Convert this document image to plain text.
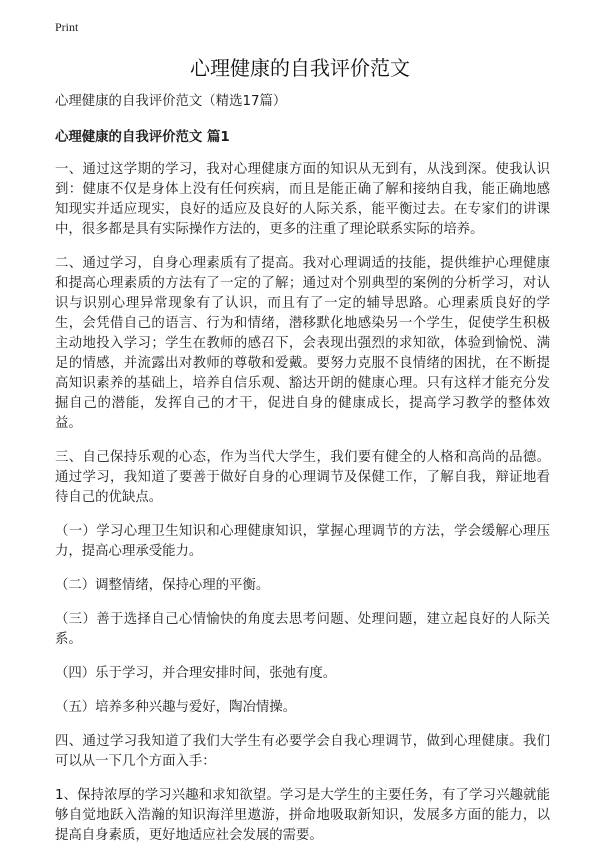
Print
心理健康的自我评价范文

心理健康的自我评价范文（精选17篇）

心理健康的自我评价范文 篇1

一、通过这学期的学习，我对心理健康方面的知识从无到有，从浅到深。使我认识到：健康不仅是身体上没有任何疾病，而且是能正确了解和接纳自我，能正确地感知现实并适应现实，良好的适应及良好的人际关系，能平衡过去。在专家们的讲课中，很多都是具有实际操作方法的，更多的注重了理论联系实际的培养。

二、通过学习，自身心理素质有了提高。我对心理调适的技能，提供维护心理健康和提高心理素质的方法有了一定的了解；通过对个别典型的案例的分析学习，对认识与识别心理异常现象有了认识，而且有了一定的辅导思路。心理素质良好的学生，会凭借自己的语言、行为和情绪，潜移默化地感染另一个学生，促使学生积极主动地投入学习；学生在教师的感召下，会表现出强烈的求知欲，体验到愉悦、满足的情感，并流露出对教师的尊敬和爱戴。要努力克服不良情绪的困扰，在不断提高知识素养的基础上，培养自信乐观、豁达开朗的健康心理。只有这样才能充分发掘自己的潜能，发挥自己的才干，促进自身的健康成长，提高学习教学的整体效益。

三、自己保持乐观的心态，作为当代大学生，我们要有健全的人格和高尚的品德。通过学习，我知道了要善于做好自身的心理调节及保健工作，了解自我，辩证地看待自己的优缺点。

（一）学习心理卫生知识和心理健康知识，掌握心理调节的方法，学会缓解心理压力，提高心理承受能力。

（二）调整情绪，保持心理的平衡。

（三）善于选择自己心情愉快的角度去思考问题、处理问题，建立起良好的人际关系。

（四）乐于学习，并合理安排时间，张弛有度。

（五）培养多种兴趣与爱好，陶冶情操。

四、通过学习我知道了我们大学生有必要学会自我心理调节，做到心理健康。我们可以从一下几个方面入手：

1、保持浓厚的学习兴趣和求知欲望。学习是大学生的主要任务，有了学习兴趣就能够自觉地跃入浩瀚的知识海洋里遨游，拼命地吸取新知识，发展多方面的能力，以提高自身素质，更好地适应社会发展的需要。
